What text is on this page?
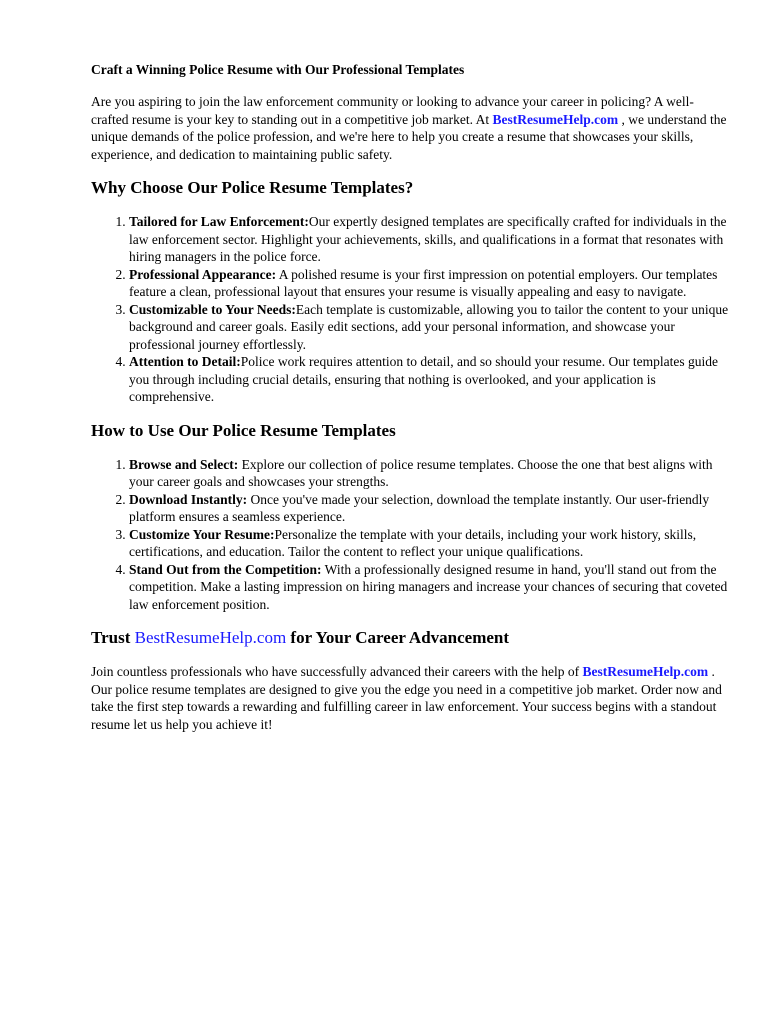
Craft a Winning Police Resume with Our Professional Templates

Are you aspiring to join the law enforcement community or looking to advance your career in policing? A well-crafted resume is your key to standing out in a competitive job market. At BestResumeHelp.com , we understand the unique demands of the police profession, and we're here to help you create a resume that showcases your skills, experience, and dedication to maintaining public safety.

Why Choose Our Police Resume Templates?
1. Tailored for Law Enforcement:Our expertly designed templates are specifically crafted for individuals in the law enforcement sector. Highlight your achievements, skills, and qualifications in a format that resonates with hiring managers in the police force.
2. Professional Appearance: A polished resume is your first impression on potential employers. Our templates feature a clean, professional layout that ensures your resume is visually appealing and easy to navigate.
3. Customizable to Your Needs:Each template is customizable, allowing you to tailor the content to your unique background and career goals. Easily edit sections, add your personal information, and showcase your professional journey effortlessly.
4. Attention to Detail:Police work requires attention to detail, and so should your resume. Our templates guide you through including crucial details, ensuring that nothing is overlooked, and your application is comprehensive.
How to Use Our Police Resume Templates
1. Browse and Select: Explore our collection of police resume templates. Choose the one that best aligns with your career goals and showcases your strengths.
2. Download Instantly: Once you've made your selection, download the template instantly. Our user-friendly platform ensures a seamless experience.
3. Customize Your Resume:Personalize the template with your details, including your work history, skills, certifications, and education. Tailor the content to reflect your unique qualifications.
4. Stand Out from the Competition: With a professionally designed resume in hand, you'll stand out from the competition. Make a lasting impression on hiring managers and increase your chances of securing that coveted law enforcement position.
Trust BestResumeHelp.com for Your Career Advancement

Join countless professionals who have successfully advanced their careers with the help of BestResumeHelp.com . Our police resume templates are designed to give you the edge you need in a competitive job market. Order now and take the first step towards a rewarding and fulfilling career in law enforcement. Your success begins with a standout resume let us help you achieve it!
